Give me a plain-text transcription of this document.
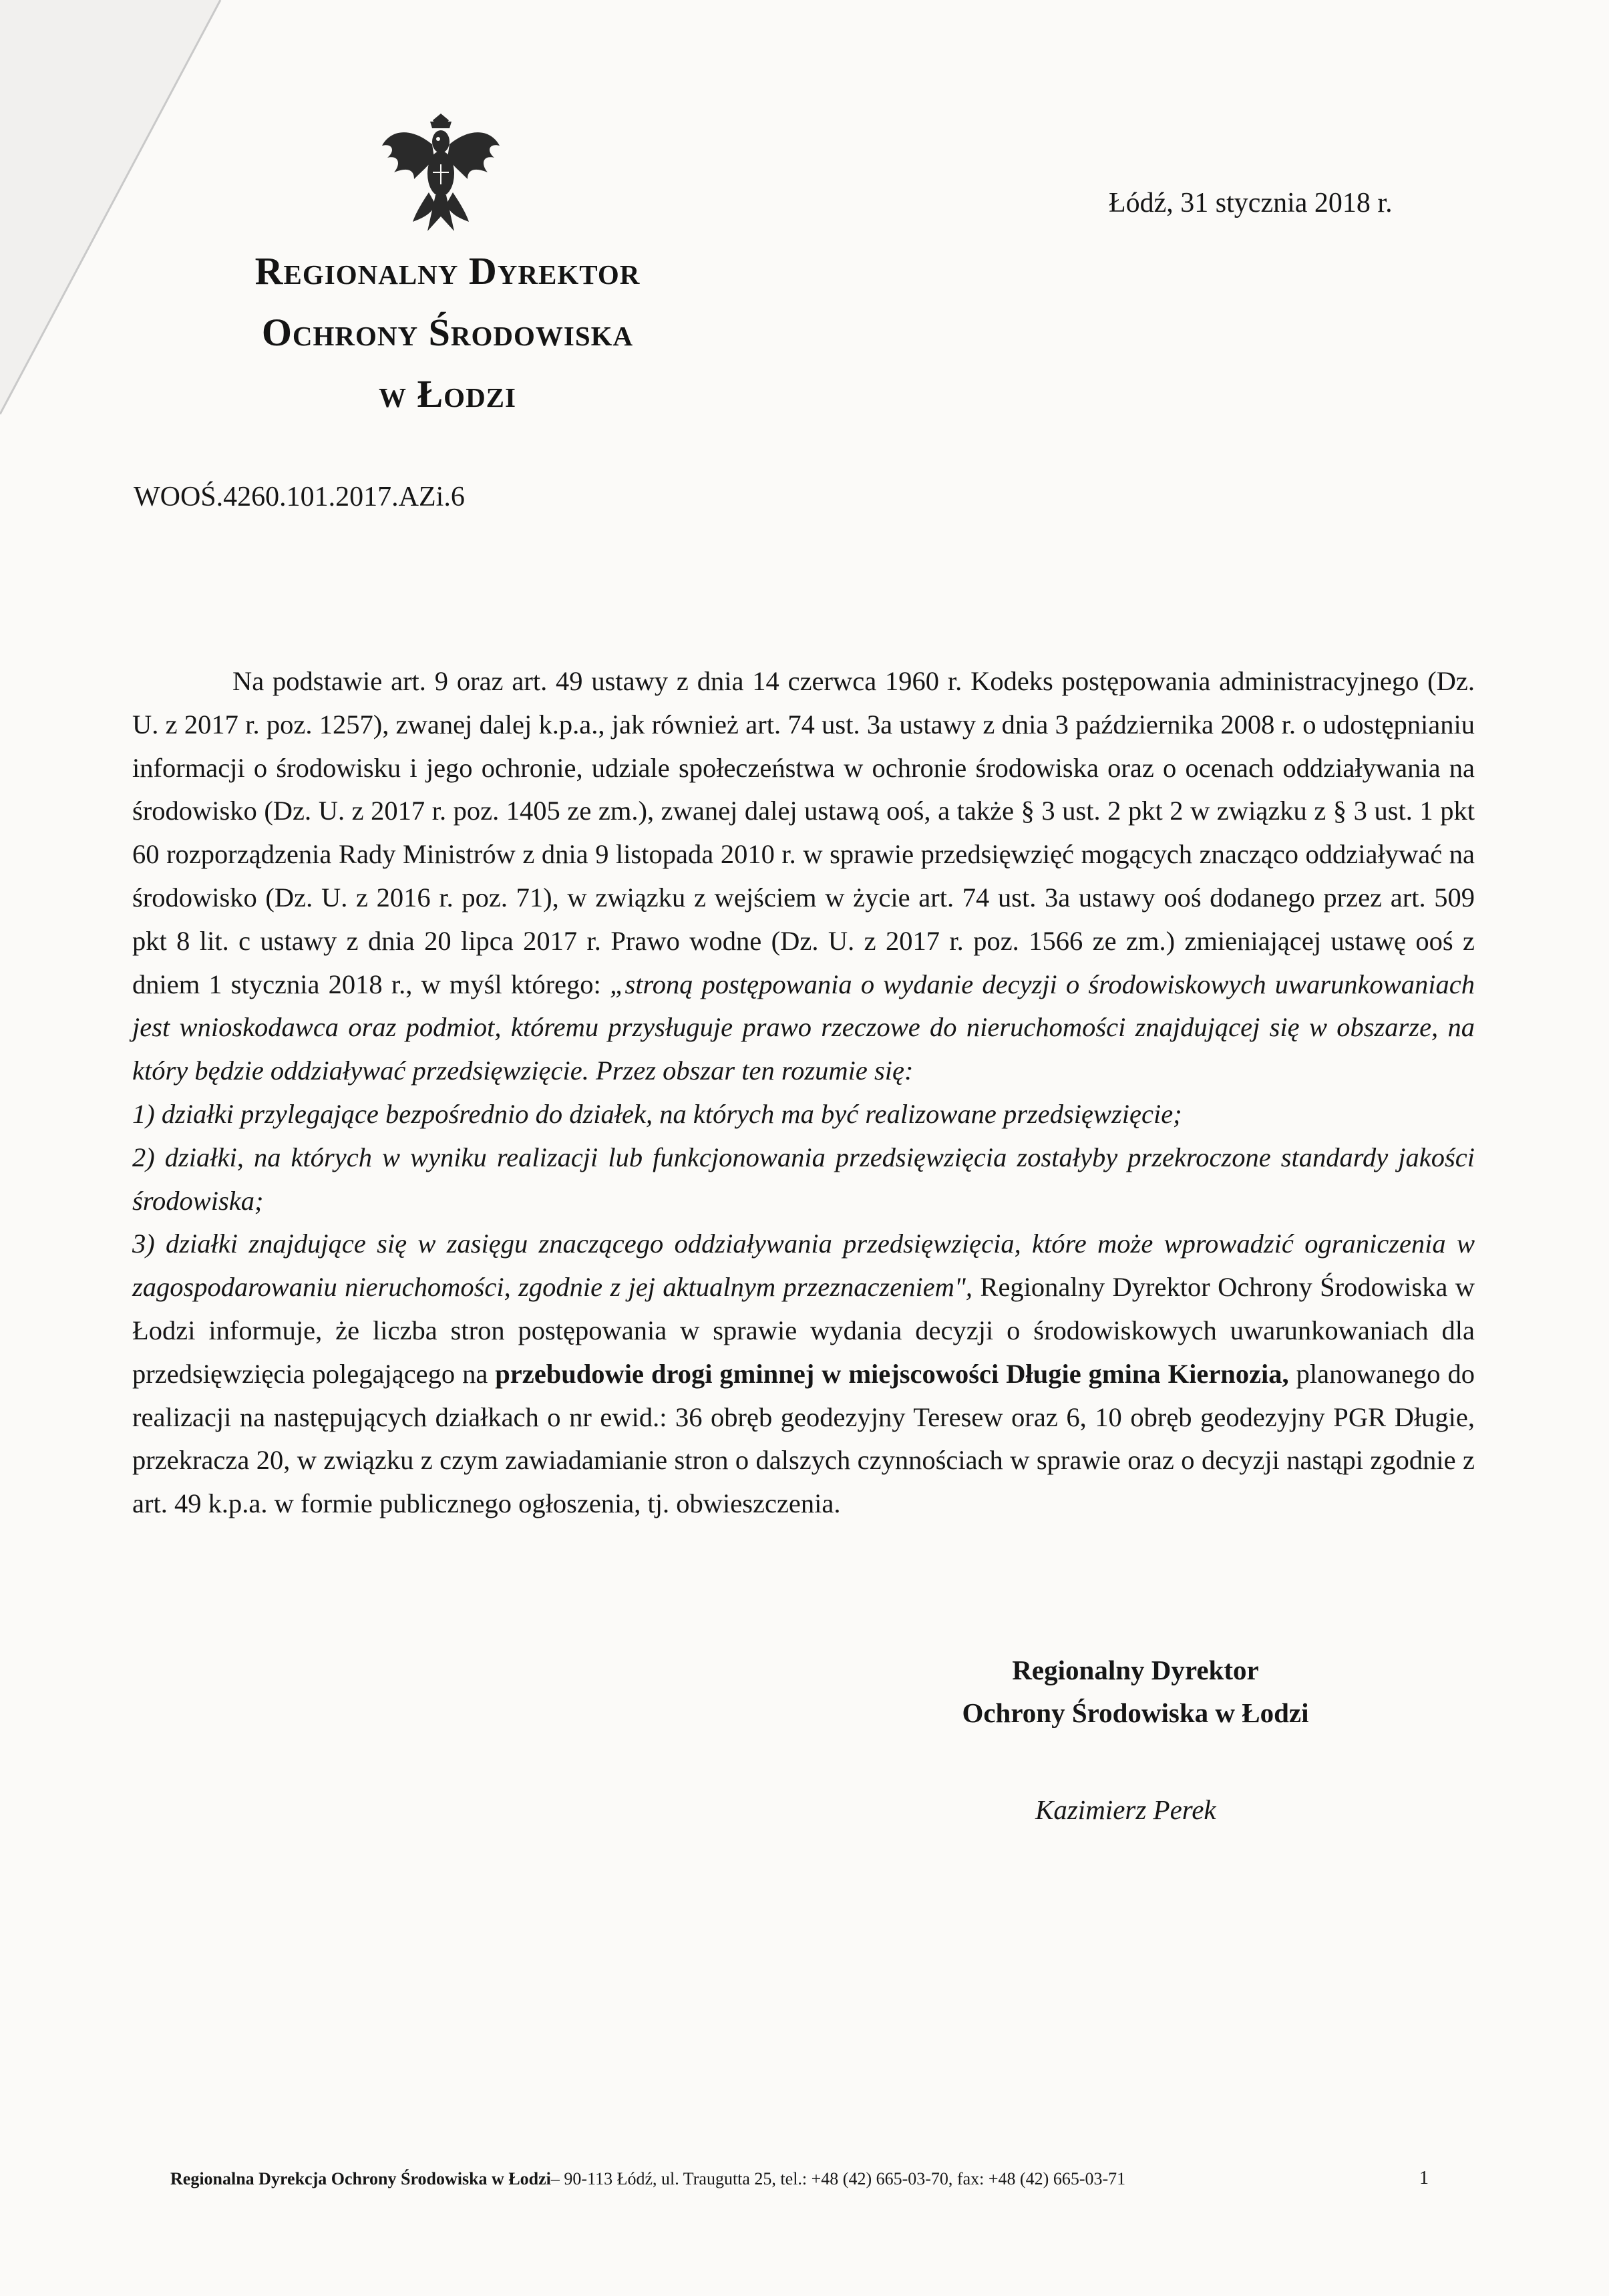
Regionalny Dyrektor
Ochrony Środowiska
w Łodzi
Łódź, 31 stycznia 2018 r.
WOOŚ.4260.101.2017.AZi.6

Na podstawie art. 9 oraz art. 49 ustawy z dnia 14 czerwca 1960 r. Kodeks postępowania administracyjnego (Dz. U. z 2017 r. poz. 1257), zwanej dalej k.p.a., jak również art. 74 ust. 3a ustawy z dnia 3 października 2008 r. o udostępnianiu informacji o środowisku i jego ochronie, udziale społeczeństwa w ochronie środowiska oraz o ocenach oddziaływania na środowisko (Dz. U. z 2017 r. poz. 1405 ze zm.), zwanej dalej ustawą ooś, a także § 3 ust. 2 pkt 2 w związku z § 3 ust. 1 pkt 60 rozporządzenia Rady Ministrów z dnia 9 listopada 2010 r. w sprawie przedsięwzięć mogących znacząco oddziaływać na środowisko (Dz. U. z 2016 r. poz. 71), w związku z wejściem w życie art. 74 ust. 3a ustawy ooś dodanego przez art. 509 pkt 8 lit. c ustawy z dnia 20 lipca 2017 r. Prawo wodne (Dz. U. z 2017 r. poz. 1566 ze zm.) zmieniającej ustawę ooś z dniem 1 stycznia 2018 r., w myśl którego: „stroną postępowania o wydanie decyzji o środowiskowych uwarunkowaniach jest wnioskodawca oraz podmiot, któremu przysługuje prawo rzeczowe do nieruchomości znajdującej się w obszarze, na który będzie oddziaływać przedsięwzięcie. Przez obszar ten rozumie się:

1) działki przylegające bezpośrednio do działek, na których ma być realizowane przedsięwzięcie;

2) działki, na których w wyniku realizacji lub funkcjonowania przedsięwzięcia zostałyby przekroczone standardy jakości środowiska;

3) działki znajdujące się w zasięgu znaczącego oddziaływania przedsięwzięcia, które może wprowadzić ograniczenia w zagospodarowaniu nieruchomości, zgodnie z jej aktualnym przeznaczeniem", Regionalny Dyrektor Ochrony Środowiska w Łodzi informuje, że liczba stron postępowania w sprawie wydania decyzji o środowiskowych uwarunkowaniach dla przedsięwzięcia polegającego na przebudowie drogi gminnej w miejscowości Długie gmina Kiernozia, planowanego do realizacji na następujących działkach o nr ewid.: 36 obręb geodezyjny Teresew oraz 6, 10 obręb geodezyjny PGR Długie, przekracza 20, w związku z czym zawiadamianie stron o dalszych czynnościach w sprawie oraz o decyzji nastąpi zgodnie z art. 49 k.p.a. w formie publicznego ogłoszenia, tj. obwieszczenia.

Regionalny Dyrektor
Ochrony Środowiska w Łodzi
Kazimierz Perek
Regionalna Dyrekcja Ochrony Środowiska w Łodzi– 90-113 Łódź, ul. Traugutta 25, tel.: +48 (42) 665-03-70, fax: +48 (42) 665-03-71	1
